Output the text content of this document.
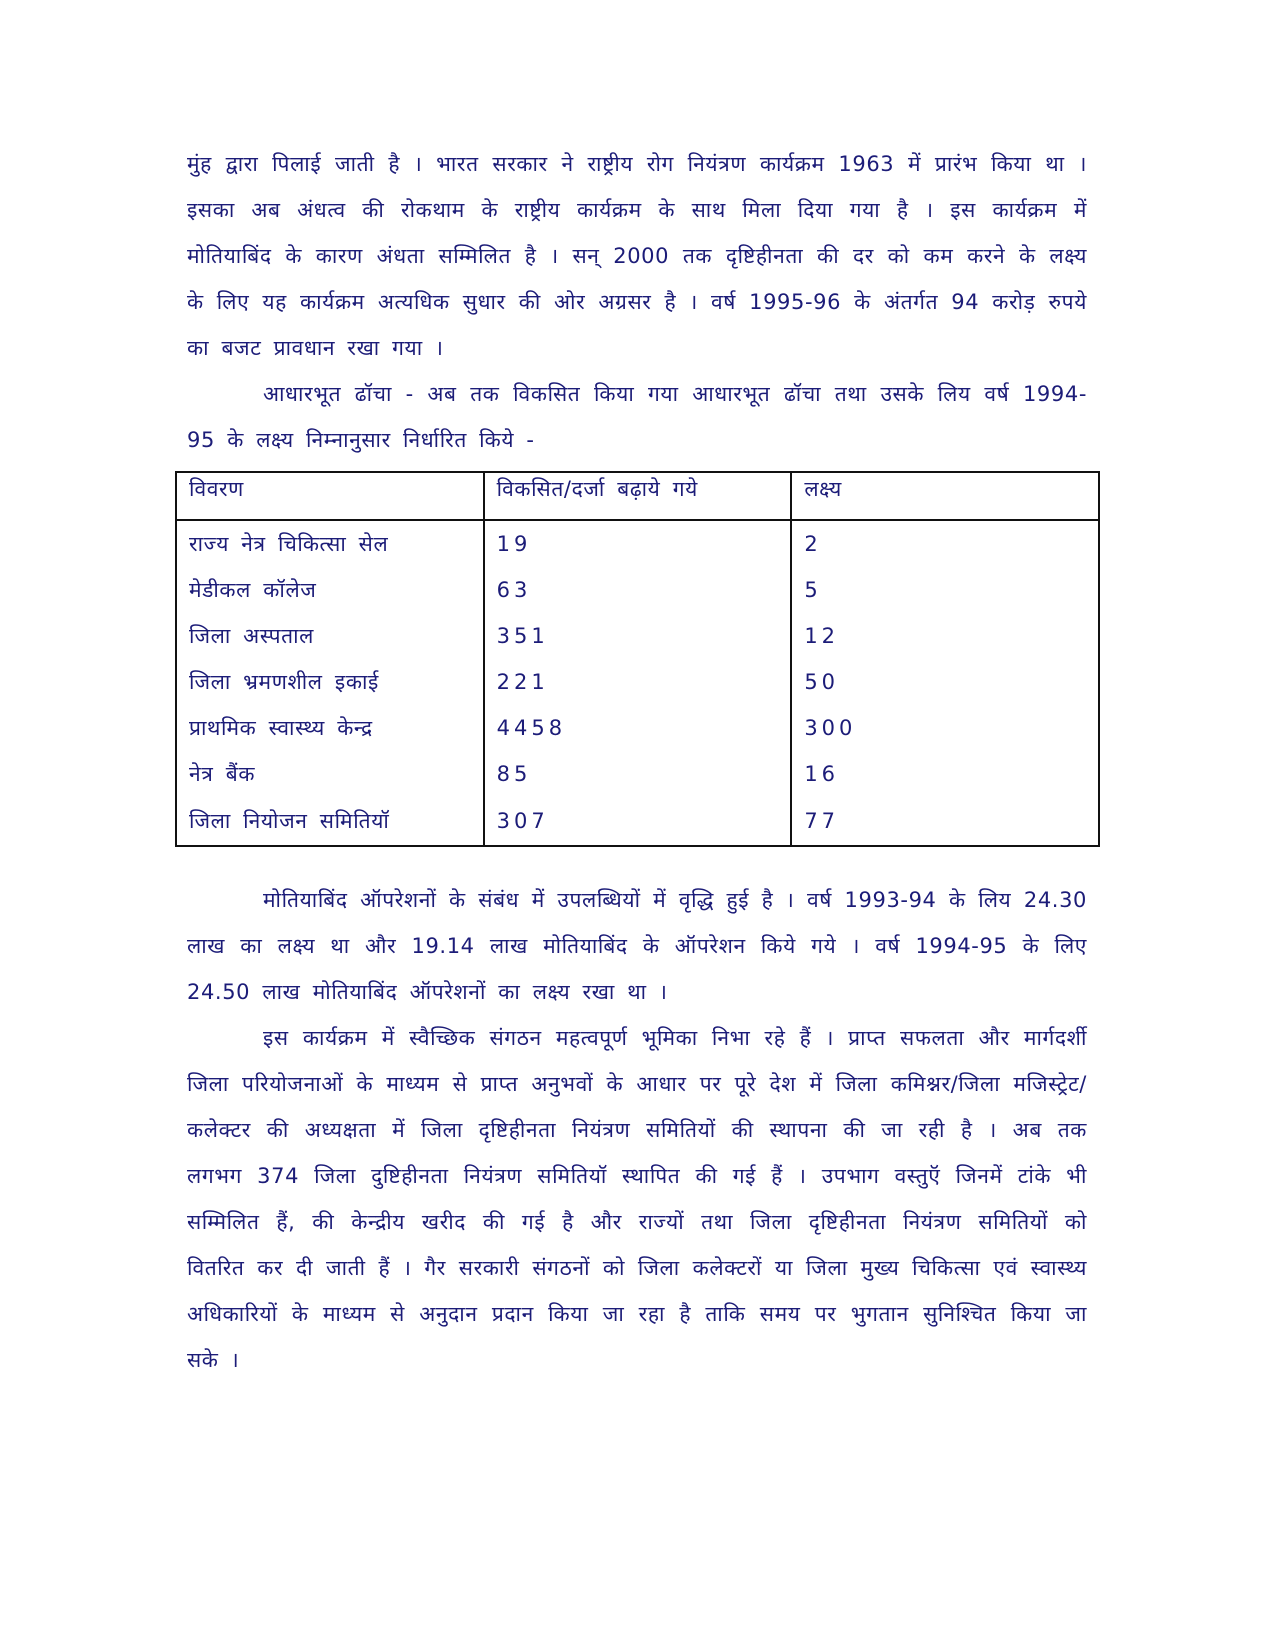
मुंह द्वारा पिलाई जाती है । भारत सरकार ने राष्ट्रीय रोग नियंत्रण कार्यक्रम 1963 में प्रारंभ किया था । इसका अब अंधत्व की रोकथाम के राष्ट्रीय कार्यक्रम के साथ मिला दिया गया है । इस कार्यक्रम में मोतियाबिंद के कारण अंधता सम्मिलित है । सन् 2000 तक दृष्टिहीनता की दर को कम करने के लक्ष्य के लिए यह कार्यक्रम अत्यधिक सुधार की ओर अग्रसर है । वर्ष 1995-96 के अंतर्गत 94 करोड़ रुपये का बजट प्रावधान रखा गया ।

आधारभूत ढॉचा - अब तक विकसित किया गया आधारभूत ढॉचा तथा उसके लिय वर्ष 1994-95 के लक्ष्य निम्नानुसार निर्धारित किये -

विवरण	विकसित/दर्जा बढ़ाये गये	लक्ष्य
राज्य नेत्र चिकित्सा सेल	19	2
मेडीकल कॉलेज	63	5
जिला अस्पताल	351	12
जिला भ्रमणशील इकाई	221	50
प्राथमिक स्वास्थ्य केन्द्र	4458	300
नेत्र बैंक	85	16
जिला नियोजन समितियॉ	307	77

मोतियाबिंद ऑपरेशनों के संबंध में उपलब्धियों में वृद्धि हुई है । वर्ष 1993-94 के लिय 24.30 लाख का लक्ष्य था और 19.14 लाख मोतियाबिंद के ऑपरेशन किये गये । वर्ष 1994-95 के लिए 24.50 लाख मोतियाबिंद ऑपरेशनों का लक्ष्य रखा था ।

इस कार्यक्रम में स्वैच्छिक संगठन महत्वपूर्ण भूमिका निभा रहे हैं । प्राप्त सफलता और मार्गदर्शी जिला परियोजनाओं के माध्यम से प्राप्त अनुभवों के आधार पर पूरे देश में जिला कमिश्नर/जिला मजिस्ट्रेट/कलेक्टर की अध्यक्षता में जिला दृष्टिहीनता नियंत्रण समितियों की स्थापना की जा रही है । अब तक लगभग 374 जिला दुष्टिहीनता नियंत्रण समितियॉ स्थापित की गई हैं । उपभाग वस्तुऍ जिनमें टांके भी सम्मिलित हैं, की केन्द्रीय खरीद की गई है और राज्यों तथा जिला दृष्टिहीनता नियंत्रण समितियों को वितरित कर दी जाती हैं । गैर सरकारी संगठनों को जिला कलेक्टरों या जिला मुख्य चिकित्सा एवं स्वास्थ्य अधिकारियों के माध्यम से अनुदान प्रदान किया जा रहा है ताकि समय पर भुगतान सुनिश्चित किया जा सके ।
